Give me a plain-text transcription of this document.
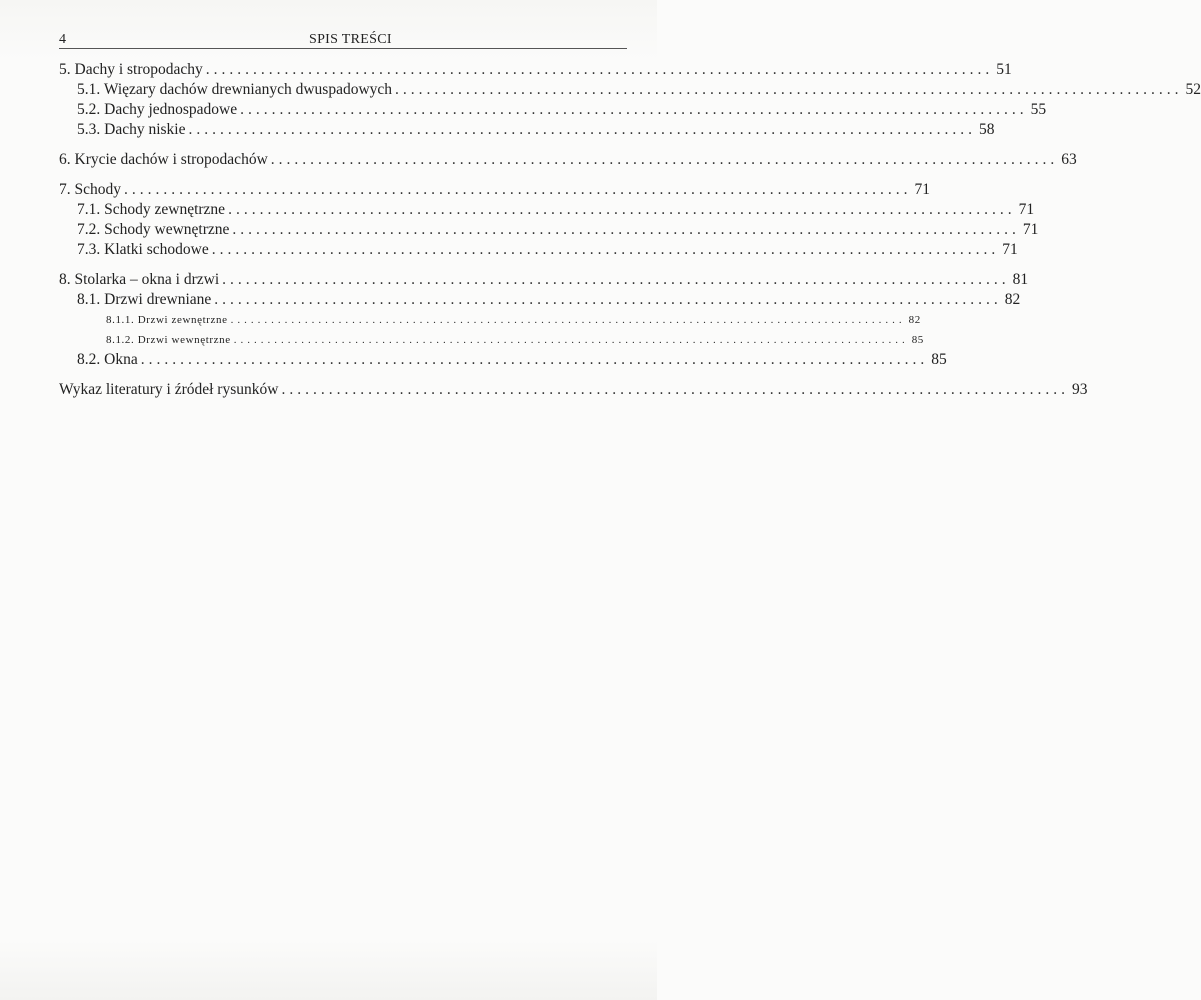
4	SPIS TREŚCI
5. Dachy i stropodachy .................................................................................................... 51
5.1. Więzary dachów drewnianych dwuspadowych .................................................................................................... 52
5.2. Dachy jednospadowe .................................................................................................... 55
5.3. Dachy niskie .................................................................................................... 58
6. Krycie dachów i stropodachów .................................................................................................... 63
7. Schody .................................................................................................... 71
7.1. Schody zewnętrzne .................................................................................................... 71
7.2. Schody wewnętrzne .................................................................................................... 71
7.3. Klatki schodowe .................................................................................................... 71
8. Stolarka – okna i drzwi .................................................................................................... 81
8.1. Drzwi drewniane .................................................................................................... 82
8.1.1. Drzwi zewnętrzne .................................................................................................... 82
8.1.2. Drzwi wewnętrzne .................................................................................................... 85
8.2. Okna .................................................................................................... 85
Wykaz literatury i źródeł rysunków .................................................................................................... 93
